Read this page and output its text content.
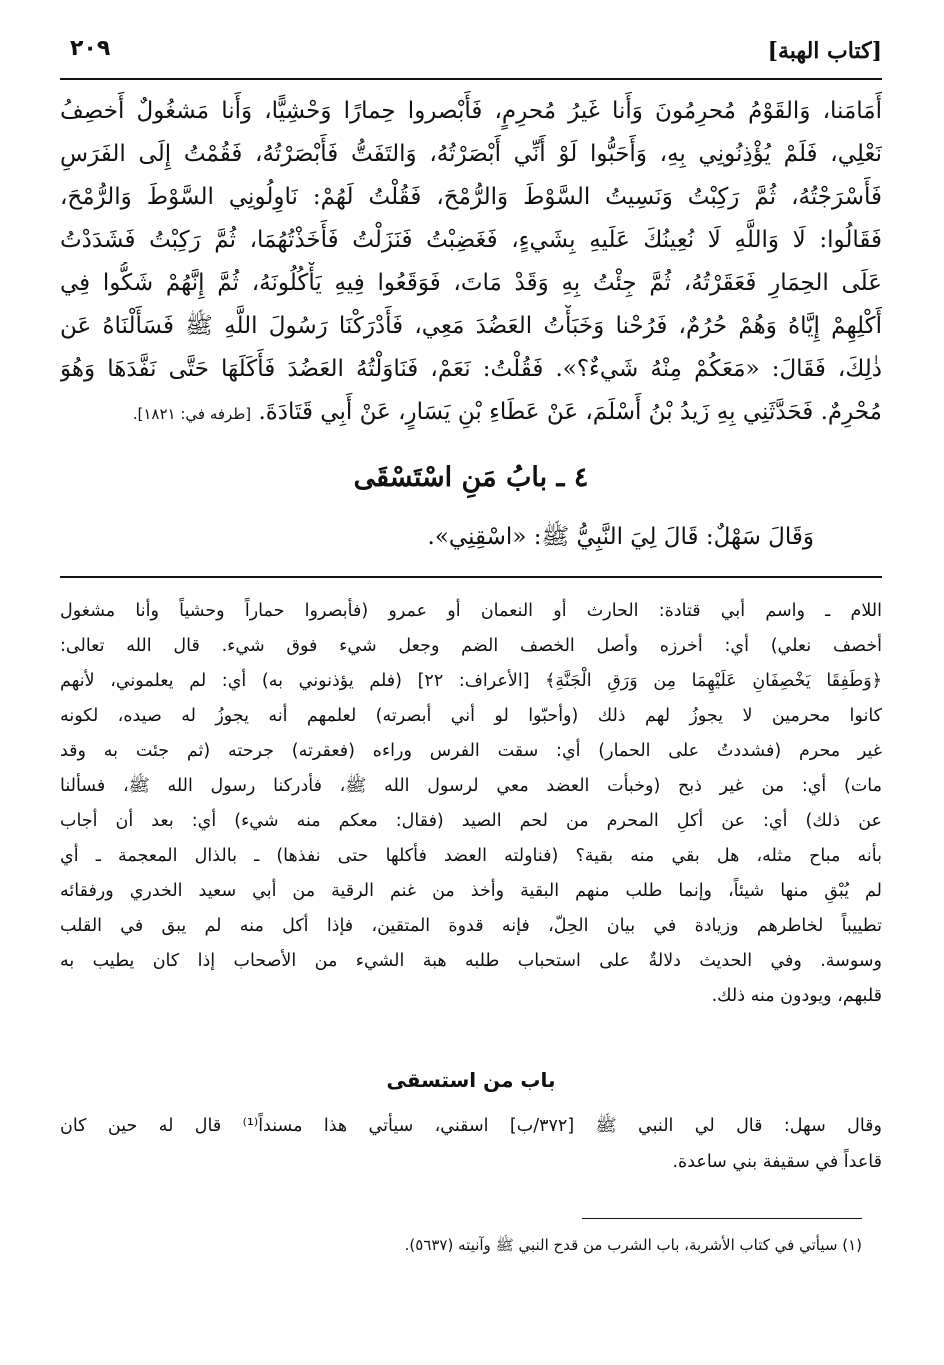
[كتاب الهبة]
٢٠٩
أَمَامَنا، وَالقَوْمُ مُحرِمُونَ وَأَنا غَيرُ مُحرِمٍ، فَأَبْصروا حِمارًا وَحْشِيًّا، وَأَنا مَشغُولٌ أَخصِفُ
نَعْلِي، فَلَمْ يُؤْذِنُونِي بِهِ، وَأَحَبُّوا لَوْ أَنِّي أَبْصَرْتُهُ، وَالتَفَتُّ فَأَبْصَرْتُهُ، فَقُمْتُ إِلَى الفَرَسِ
فَأَسْرَجْتُهُ، ثُمَّ رَكِبْتُ وَنَسِيتُ السَّوْطَ وَالرُّمْحَ، فَقُلْتُ لَهُمْ: نَاوِلُونِي السَّوْطَ وَالرُّمْحَ،
فَقَالُوا: لَا وَاللَّهِ لَا نُعِينُكَ عَلَيهِ بِشَيءٍ، فَغَضِبْتُ فَنَزَلْتُ فَأَخَذْتُهُمَا، ثُمَّ رَكِبْتُ فَشَدَدْتُ
عَلَى الحِمَارِ فَعَقَرْتُهُ، ثُمَّ جِئْتُ بِهِ وَقَدْ مَاتَ، فَوَقَعُوا فِيهِ يَأْكُلُونَهُ، ثُمَّ إِنَّهُمْ شَكُّوا فِي
أَكْلِهِمْ إِيَّاهُ وَهُمْ حُرُمٌ، فَرُحْنا وَخَبَأْتُ العَضُدَ مَعِي، فَأَدْرَكْنَا رَسُولَ اللَّهِ ﷺ فَسَأَلْنَاهُ عَن
ذٰلِكَ، فَقَالَ: «مَعَكُمْ مِنْهُ شَيءٌ؟». فَقُلْتُ: نَعَمْ، فَنَاوَلْتُهُ العَضُدَ فَأَكَلَهَا حَتَّى نَفَّدَهَا وَهُوَ
مُحْرِمٌ. فَحَدَّثَنِي بِهِ زَيدُ بْنُ أَسْلَمَ، عَنْ عَطَاءِ بْنِ يَسَارٍ، عَنْ أَبِي قَتَادَةَ. [طرفه في: ١٨٢١].
٤ ـ بابُ مَنِ اسْتَسْقَى
وَقَالَ سَهْلٌ: قَالَ لِيَ النَّبِيُّ ﷺ: «اسْقِنِي».
اللام ـ واسم أبي قتادة: الحارث أو النعمان أو عمرو (فأبصروا حماراً وحشياً وأنا مشغول
أخصف نعلي) أي: أخرزه وأصل الخصف الضم وجعل شيء فوق شيء. قال الله تعالى:
﴿وَطَفِقَا يَخْصِفَانِ عَلَيْهِمَا مِن وَرَقِ الْجَنَّةِ﴾ [الأعراف: ٢٢] (فلم يؤذنوني به) أي: لم يعلموني، لأنهم
كانوا محرمين لا يجوزُ لهم ذلك (وأحبّوا لو أني أبصرته) لعلمهم أنه يجوزُ له صيده، لكونه
غير محرم (فشددتُ على الحمار) أي: سقت الفرس وراءه (فعقرته) جرحته (ثم جئت به وقد
مات) أي: من غير ذبح (وخبأت العضد معي لرسول الله ﷺ، فأدركنا رسول الله ﷺ، فسألنا
عن ذلك) أي: عن أكلِ المحرم من لحم الصيد (فقال: معكم منه شيء) أي: بعد أن أجاب
بأنه مباح مثله، هل بقي منه بقية؟ (فناولته العضد فأكلها حتى نفذها) ـ بالذال المعجمة ـ أي
لم يُبْقِ منها شيئاً، وإنما طلب منهم البقية وأخذ من غنم الرقية من أبي سعيد الخدري ورفقائه
تطييباً لخاطرهم وزيادة في بيان الحِلّ، فإنه قدوة المتقين، فإذا أكل منه لم يبق في القلب
وسوسة. وفي الحديث دلالةٌ على استحباب طلبه هبة الشيء من الأصحاب إذا كان يطيب به
قلبهم، ويودون منه ذلك.
باب من استسقى
وقال سهل: قال لي النبي ﷺ [٣٧٢/ب] اسقني، سيأتي هذا مسنداً⁽¹⁾ قال له حين كان
قاعداً في سقيفة بني ساعدة.
(١) سيأتي في كتاب الأشربة، باب الشرب من قدح النبي ﷺ وآنيته (٥٦٣٧).
